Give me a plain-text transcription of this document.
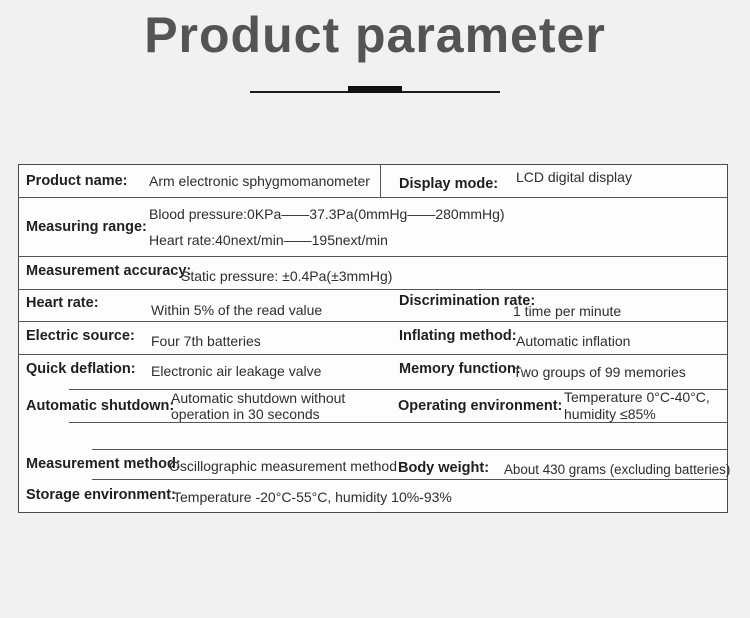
Product parameter
Product name: Arm electronic sphygmomanometer Display mode: LCD digital display
Measuring range:
Blood pressure:0KPa——37.3Pa(0mmHg——280mmHg)
Heart rate:40next/min——195next/min
Measurement accuracy:
Static pressure: ±0.4Pa(±3mmHg)
Heart rate:	Within 5% of the read value
Discrimination rate:
1 time per minute
Electric source: Four 7th batteries	Inflating method: Automatic inflation
Quick deflation: Electronic air leakage valve	Memory function:
Two groups of 99 memories
Automatic shutdown:
Automatic shutdown without
operation in 30 seconds	Operating environment:
Temperature 0°C-40°C,
humidity ≤85%
Measurement method:
Oscillographic measurement method Body weight: About 430 grams (excluding batteries)
Storage environment:
Temperature -20°C-55°C, humidity 10%-93%
